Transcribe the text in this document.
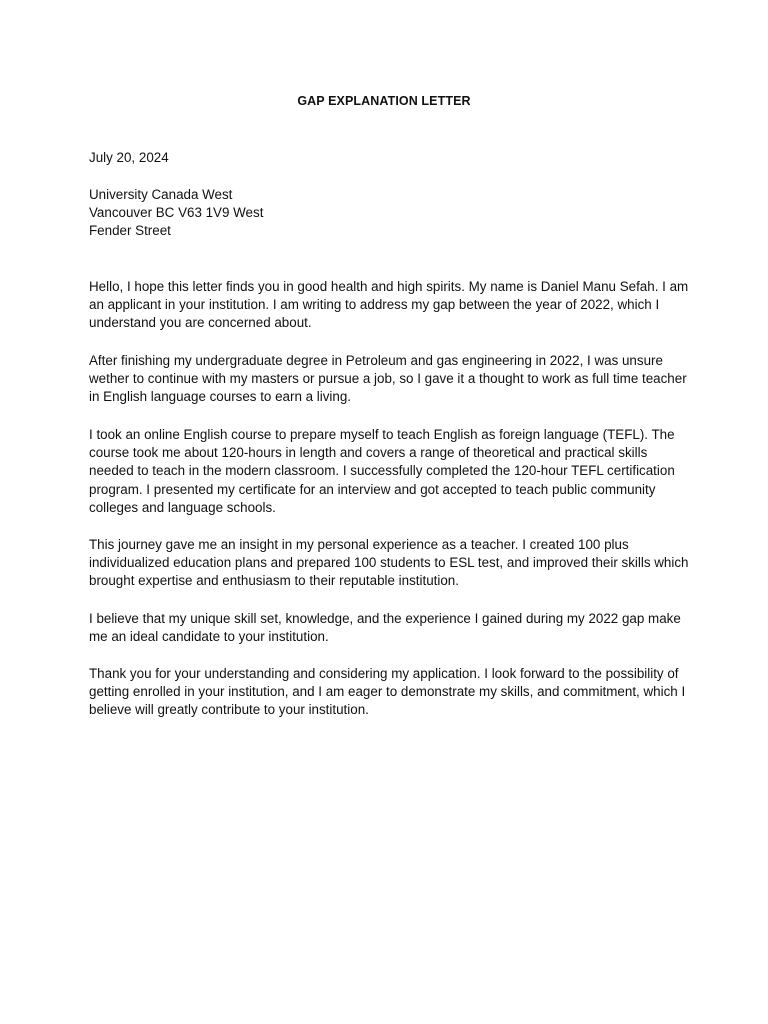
GAP EXPLANATION LETTER
July 20, 2024
University Canada West
Vancouver BC V63 1V9 West
Fender Street

Hello, I hope this letter finds you in good health and high spirits. My name is Daniel Manu Sefah. I am an applicant in your institution. I am writing to address my gap between the year of 2022, which I understand you are concerned about.

After finishing my undergraduate degree in Petroleum and gas engineering in 2022, I was unsure wether to continue with my masters or pursue a job, so I gave it a thought to work as full time teacher in English language courses to earn a living.

I took an online English course to prepare myself to teach English as foreign language (TEFL). The course took me about 120-hours in length and covers a range of theoretical and practical skills needed to teach in the modern classroom. I successfully completed the 120-hour TEFL certification program. I presented my certificate for an interview and got accepted to teach public community colleges and language schools.

This journey gave me an insight in my personal experience as a teacher. I created 100 plus individualized education plans and prepared 100 students to ESL test, and improved their skills which brought expertise and enthusiasm to their reputable institution.

I believe that my unique skill set, knowledge, and the experience I gained during my 2022 gap make me an ideal candidate to your institution.

Thank you for your understanding and considering my application. I look forward to the possibility of getting enrolled in your institution, and I am eager to demonstrate my skills, and commitment, which I believe will greatly contribute to your institution.
